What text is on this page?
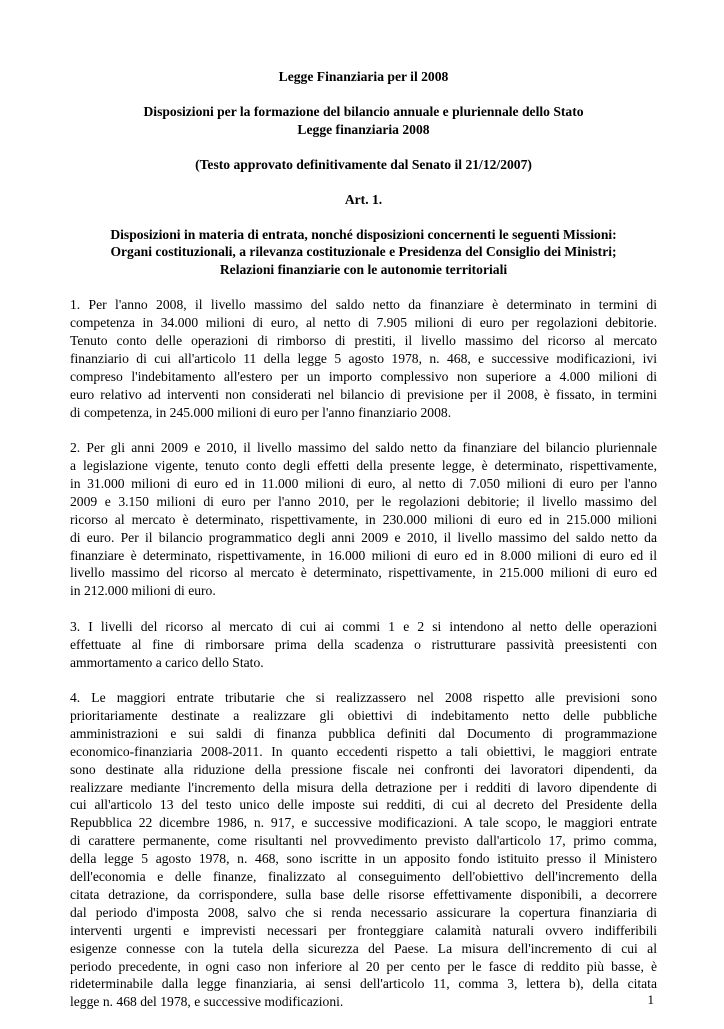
Legge Finanziaria per il 2008

Disposizioni per la formazione del bilancio annuale e pluriennale dello Stato
Legge finanziaria 2008

(Testo approvato definitivamente dal Senato il 21/12/2007)

Art. 1.

Disposizioni in materia di entrata, nonché disposizioni concernenti le seguenti Missioni:
Organi costituzionali, a rilevanza costituzionale e Presidenza del Consiglio dei Ministri;
Relazioni finanziarie con le autonomie territoriali
1. Per l'anno 2008, il livello massimo del saldo netto da finanziare è determinato in termini di
competenza in 34.000 milioni di euro, al netto di 7.905 milioni di euro per regolazioni debitorie.
Tenuto conto delle operazioni di rimborso di prestiti, il livello massimo del ricorso al mercato
finanziario di cui all'articolo 11 della legge 5 agosto 1978, n. 468, e successive modificazioni, ivi
compreso l'indebitamento all'estero per un importo complessivo non superiore a 4.000 milioni di
euro relativo ad interventi non considerati nel bilancio di previsione per il 2008, è fissato, in termini
di competenza, in 245.000 milioni di euro per l'anno finanziario 2008.
2. Per gli anni 2009 e 2010, il livello massimo del saldo netto da finanziare del bilancio pluriennale
a legislazione vigente, tenuto conto degli effetti della presente legge, è determinato, rispettivamente,
in 31.000 milioni di euro ed in 11.000 milioni di euro, al netto di 7.050 milioni di euro per l'anno
2009 e 3.150 milioni di euro per l'anno 2010, per le regolazioni debitorie; il livello massimo del
ricorso al mercato è determinato, rispettivamente, in 230.000 milioni di euro ed in 215.000 milioni
di euro. Per il bilancio programmatico degli anni 2009 e 2010, il livello massimo del saldo netto da
finanziare è determinato, rispettivamente, in 16.000 milioni di euro ed in 8.000 milioni di euro ed il
livello massimo del ricorso al mercato è determinato, rispettivamente, in 215.000 milioni di euro ed
in 212.000 milioni di euro.
3. I livelli del ricorso al mercato di cui ai commi 1 e 2 si intendono al netto delle operazioni
effettuate al fine di rimborsare prima della scadenza o ristrutturare passività preesistenti con
ammortamento a carico dello Stato.
4. Le maggiori entrate tributarie che si realizzassero nel 2008 rispetto alle previsioni sono
prioritariamente destinate a realizzare gli obiettivi di indebitamento netto delle pubbliche
amministrazioni e sui saldi di finanza pubblica definiti dal Documento di programmazione
economico-finanziaria 2008-2011. In quanto eccedenti rispetto a tali obiettivi, le maggiori entrate
sono destinate alla riduzione della pressione fiscale nei confronti dei lavoratori dipendenti, da
realizzare mediante l'incremento della misura della detrazione per i redditi di lavoro dipendente di
cui all'articolo 13 del testo unico delle imposte sui redditi, di cui al decreto del Presidente della
Repubblica 22 dicembre 1986, n. 917, e successive modificazioni. A tale scopo, le maggiori entrate
di carattere permanente, come risultanti nel provvedimento previsto dall'articolo 17, primo comma,
della legge 5 agosto 1978, n. 468, sono iscritte in un apposito fondo istituito presso il Ministero
dell'economia e delle finanze, finalizzato al conseguimento dell'obiettivo dell'incremento della
citata detrazione, da corrispondere, sulla base delle risorse effettivamente disponibili, a decorrere
dal periodo d'imposta 2008, salvo che si renda necessario assicurare la copertura finanziaria di
interventi urgenti e imprevisti necessari per fronteggiare calamità naturali ovvero indifferibili
esigenze connesse con la tutela della sicurezza del Paese. La misura dell'incremento di cui al
periodo precedente, in ogni caso non inferiore al 20 per cento per le fasce di reddito più basse, è
rideterminabile dalla legge finanziaria, ai sensi dell'articolo 11, comma 3, lettera b), della citata
legge n. 468 del 1978, e successive modificazioni.	1
